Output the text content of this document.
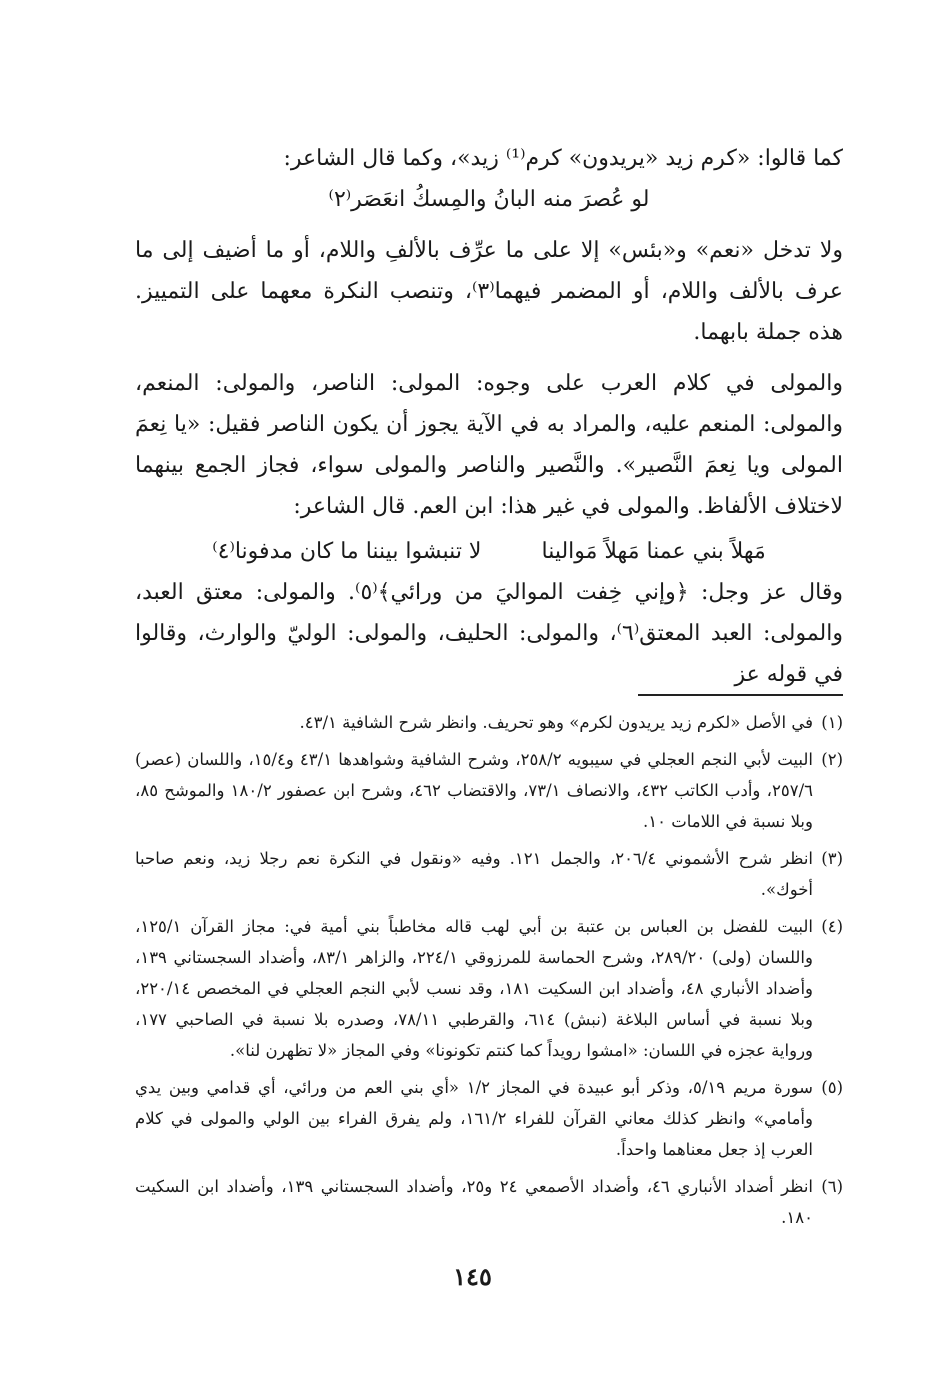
كما قالوا: «كرم زيد «يريدون» كرم⁽¹⁾ زيد»، وكما قال الشاعر:

لو عُصرَ منه البانُ والمِسكُ انعَصَر⁽٢⁾

ولا تدخل «نعم» و«بئس» إلا على ما عرِّف بالألفِ واللام، أو ما أضيف إلى ما عرف بالألف واللام، أو المضمر فيهما⁽٣⁾، وتنصب النكرة معهما على التمييز. هذه جملة بابهما.

والمولى في كلام العرب على وجوه: المولى: الناصر، والمولى: المنعم، والمولى: المنعم عليه، والمراد به في الآية يجوز أن يكون الناصر فقيل: «يا نِعمَ المولى ويا نِعمَ النَّصير». والنَّصير والناصر والمولى سواء، فجاز الجمع بينهما لاختلاف الألفاظ. والمولى في غير هذا: ابن العم. قال الشاعر:

مَهلاً بني عمنا مَهلاً مَوالينا
لا تنبشوا بيننا ما كان مدفونا⁽٤⁾

وقال عز وجل: ﴿وإني خِفت المواليَ من ورائي﴾⁽٥⁾. والمولى: معتق العبد، والمولى: العبد المعتق⁽٦⁾، والمولى: الحليف، والمولى: الوليّ والوارث، وقالوا في قوله عز

(١)
في الأصل «لكرم زيد يريدون لكرم» وهو تحريف. وانظر شرح الشافية ٤٣/١.

(٢)
البيت لأبي النجم العجلي في سيبويه ٢٥٨/٢، وشرح الشافية وشواهدها ٤٣/١ و١٥/٤، واللسان (عصر) ٢٥٧/٦، وأدب الكاتب ٤٣٢، والانصاف ٧٣/١، والاقتضاب ٤٦٢، وشرح ابن عصفور ١٨٠/٢ والموشح ٨٥، وبلا نسبة في اللامات ١٠.

(٣)
انظر شرح الأشموني ٢٠٦/٤، والجمل ١٢١. وفيه «ونقول في النكرة نعم رجلا زيد، ونعم صاحبا أخوك».

(٤)
البيت للفضل بن العباس بن عتبة بن أبي لهب قاله مخاطباً بني أمية في: مجاز القرآن ١٢٥/١، واللسان (ولى) ٢٨٩/٢٠، وشرح الحماسة للمرزوقي ٢٢٤/١، والزاهر ٨٣/١، وأضداد السجستاني ١٣٩، وأضداد الأنباري ٤٨، وأضداد ابن السكيت ١٨١، وقد نسب لأبي النجم العجلي في المخصص ٢٢٠/١٤، وبلا نسبة في أساس البلاغة (نبش) ٦١٤، والقرطبي ٧٨/١١، وصدره بلا نسبة في الصاحبي ١٧٧، ورواية عجزه في اللسان: «امشوا رويداً كما كنتم تكونونا» وفي المجاز «لا تظهرن لنا».

(٥)
سورة مريم ٥/١٩، وذكر أبو عبيدة في المجاز ١/٢ «أي بني العم من ورائي، أي قدامي وبين يدي وأمامي» وانظر كذلك معاني القرآن للفراء ١٦١/٢، ولم يفرق الفراء بين الولي والمولى في كلام العرب إذ جعل معناهما واحداً.

(٦)
انظر أضداد الأنباري ٤٦، وأضداد الأصمعي ٢٤ و٢٥، وأضداد السجستاني ١٣٩، وأضداد ابن السكيت ١٨٠.

١٤٥
